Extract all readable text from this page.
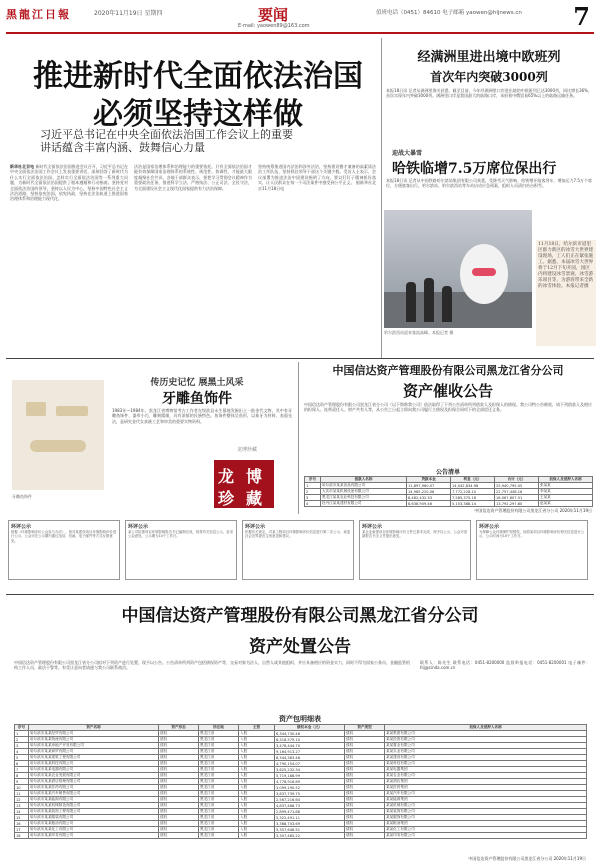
黑龍江日報	2020年11月19日 星期四	要闻
E-mail: yaowen89@163.com
值班电话（0451）84610 电子邮箱 yaowen@hljnews.cn 7
推进新时代全面依法治国
必须坚持这样做
习近平总书记在中央全面依法治国工作会议上的重要
讲话蕴含丰富内涵、鼓舞信心力量
新华社北京电 新时代全面依法治国推进会议召开，习近平总书记在中央全面依法治国工作会议上发表重要讲话，深刻回答了新时代为什么实行全面依法治国、怎样实行全面依法治国等一系列重大问题，为新时代全面依法治国提供了根本遵循和行动指南。坚持党对全面依法治国的领导，坚持以人民为中心，坚持中国特色社会主义法治道路，坚持依宪治国、依宪执政，坚持在法治轨道上推进国家治理体系和治理能力现代化。
法治是国家治理体系和治理能力的重要依托。只有全面依法治国才能有效保障国家治理体系的系统性、规范性、协调性，才能最大限度凝聚社会共识。各地干部群众表示，要把学习贯彻会议精神作为重要政治任务，推进科学立法、严格执法、公正司法、全民守法，为全面建设社会主义现代化国家提供有力法治保障。
坚持统筹推进国内法治和涉外法治，坚持建设德才兼备的高素质法治工作队伍，坚持抓住领导干部这个关键少数。受访人士表示，会议部署为推进法治中国建设指明了方向，要以钉钉子精神抓好落实，让人民群众在每一个司法案件中感受到公平正义。 据新华社北京11月18日电
经满洲里进出境中欧班列
首次年内突破3000列
本报18日讯 记者从满洲里海关获悉，截至目前，今年经满洲里口岸进出境的中欧班列已达3000列，同比增长36%，首次实现年内突破3000列。满洲里口岸是我国最大的陆路口岸，承担着中俄贸易65%以上的陆路运输任务。
迎战大暴雪
哈铁临增7.5万席位保出行
本报18日讯 记者从中国铁路哈尔滨局集团有限公司获悉，受降雪天气影响，哈铁增开临客列车，增加运力7.5万个席位，方便旅客出行。哈尔滨站、哈尔滨西站等车站启动应急预案，组织人员清扫站台积雪。
哈尔滨西站迎来客流高峰。本报记者 摄
11月18日，哈尔滨市道里区群力新区的冰雪大世界建设现场，工人们正在紧张施工。据悉，本届冰雪大世界将于12月下旬开园，园区内将建设冰雪景观、冰雪游乐项目等，为游客带来全新的冰雪体验。本报记者摄
牙雕鱼饰件
传历史记忆 展黑土风采
牙雕鱼饰件
1983年—1984年，黑龙江省博物馆考古工作者在绥滨县永生墓地发掘出土一批金代文物，其中有牙雕鱼饰件，器形小巧，雕刻精细，具有浓郁的民族特色。鱼饰件整体呈鱼形，以象牙为材料，表面光洁，是研究金代女真族工艺和审美的重要实物资料。
龙博珍藏
龙 博
珍 藏
中国信达资产管理股份有限公司黑龙江省分公司
资产催收公告
中国信达资产管理股份有限公司黑龙江省分公司（以下简称我公司）依法取得了下列公告清单所列借款人及担保人的债权。我公司特公告催收，请下列借款人及相应的担保人、连带责任人、财产共有人等，从公告之日起立即向我公司履行主债权及担保合同项下的全部偿还义务。
公告清单
序号	借款人名称	贷款本金	利息（元）	合计（元）	担保人及抵押人名称
1	哈尔滨市某某食品有限公司	11,897,960.07	14,042,834.98	25,940,795.05	张某某
2	大庆市某某机械设备有限公司	14,985,220.08	7,772,228.10	22,757,448.18	李某某
3	黑龙江某某农业科技有限公司	8,482,432.33	7,585,375.18	16,067,807.51	王某某
4	牡丹江某某建材有限公司	8,638,909.46	5,153,388.14	13,792,297.60	赵某某
中国信达资产管理股份有限公司黑龙江省分公司 2020年11月19日
环评公示
根据《环境影响评价公众参与办法》，现对某建设项目环境影响评价进行公示，公众可在公示期内通过电话、信函、电子邮件等方式反馈意见。
环评公示
某公司拟建项目环境影响报告书已编制完成，现将有关信息公示，征求公众意见，公示期为10个工作日。
环评公示
依据有关规定，对某工程项目环境影响评价信息进行第二次公示，欢迎社会各界提出宝贵意见和建议。
环评公示
某企业新建项目环境影响评价文件已基本完成，现予以公示，公众可查阅报告书全文并提出意见。
环评公示
为保障公众环境保护知情权，现将某项目环境影响评价相关信息进行公示，公示时间为10个工作日。
中国信达资产管理股份有限公司黑龙江省分公司
资产处置公告
中国信达资产管理股份有限公司黑龙江省分公司拟对下列资产进行处置，现予以公告。公告清单所列资产包括债权资产等，交易对象为法人、自然人或其他组织，并应具备相应的资金实力，同时不得为国家公务员、金融监管机构工作人员、政法干警等。有受让意向者请速与我公司联系商洽。
联系人：陈先生 联系电话：0451-8200000 监督举报电话：0451-8200001 电子邮件：hlj@cinda.com.cn
资产包明细表
序号	资产名称	资产形态	所在地	主营	债权本金（元）	资产类型	担保人及抵押人名称
1	哈尔滨市某某经贸有限公司	债权	黑龙江省	入股	6,344,730.46	债权	某某集团有限公司
2	哈尔滨市某某物流有限公司	债权	黑龙江省	入股	8,318,579.10	债权	某某投资有限公司
3	哈尔滨市某某房地产开发有限公司	债权	黑龙江省	入股	3,478,444.70	债权	某某置业有限公司
4	哈尔滨市某某商贸有限公司	债权	黑龙江省	入股	9,164,913.27	债权	某某实业有限公司
5	哈尔滨市某某建筑工程有限公司	债权	黑龙江省	入股	8,344,383.48	债权	某某建设有限公司
6	哈尔滨市某某科技有限公司	债权	黑龙江省	入股	4,790,154.07	债权	某某科技有限公司
7	哈尔滨市某某电器有限公司	债权	黑龙江省	入股	3,625,232.34	债权	某某电器集团
8	哈尔滨市某某农业发展有限公司	债权	黑龙江省	入股	5,719,188.99	债权	某某农业有限公司
9	哈尔滨市某某酒店管理有限公司	债权	黑龙江省	入股	4,778,916.89	债权	某某酒店集团
10	哈尔滨市某某医药有限公司	债权	黑龙江省	入股	3,099,190.52	债权	某某医药集团
11	哈尔滨市某某汽车销售有限公司	债权	黑龙江省	入股	3,637,739.75	债权	某某汽车有限公司
12	哈尔滨市某某能源有限公司	债权	黑龙江省	入股	2,567,216.64	债权	某某能源集团
13	哈尔滨市某某机械制造有限公司	债权	黑龙江省	入股	4,837,468.73	债权	某某机械有限公司
14	哈尔滨市某某装饰工程有限公司	债权	黑龙江省	入股	2,899,471.88	债权	某某装饰有限公司
15	哈尔滨市某某服装有限公司	债权	黑龙江省	入股	5,322,491.11	债权	某某服饰有限公司
16	哈尔滨市某某粮油有限公司	债权	黑龙江省	入股	3,368,703.69	债权	某某粮油集团
17	哈尔滨市某某化工有限公司	债权	黑龙江省	入股	5,357,646.51	债权	某某化工有限公司
18	哈尔滨市某某印务有限公司	债权	黑龙江省	入股	3,307,485.22	债权	某某印务有限公司
中国信达资产管理股份有限公司黑龙江省分公司 2020年11月19日
